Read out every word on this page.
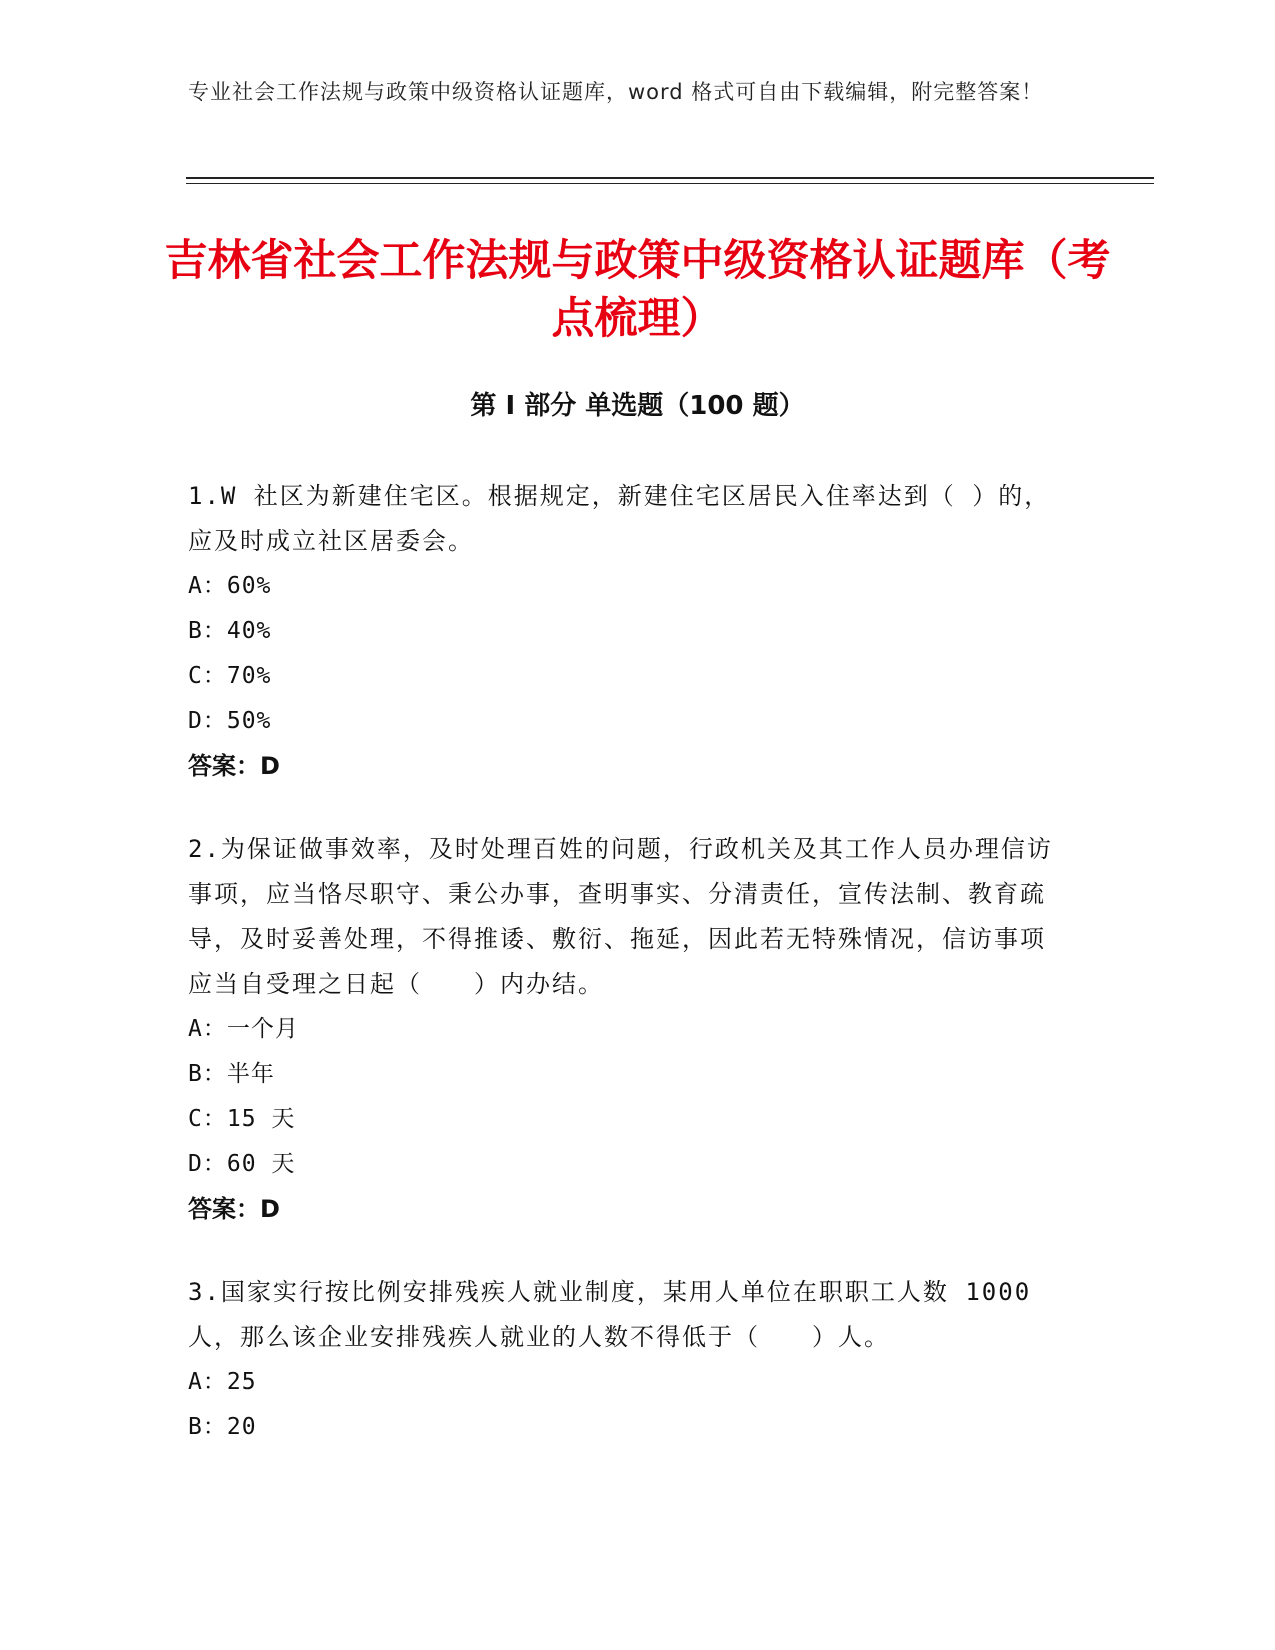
专业社会工作法规与政策中级资格认证题库，word 格式可自由下载编辑，附完整答案！
吉林省社会工作法规与政策中级资格认证题库（考点梳理）
第 I 部分 单选题（100 题）
1.W 社区为新建住宅区。根据规定，新建住宅区居民入住率达到（ ）的，应及时成立社区居委会。
A：60%
B：40%
C：70%
D：50%
答案：D
2.为保证做事效率，及时处理百姓的问题，行政机关及其工作人员办理信访事项，应当恪尽职守、秉公办事，查明事实、分清责任，宣传法制、教育疏导，及时妥善处理，不得推诿、敷衍、拖延，因此若无特殊情况，信访事项应当自受理之日起（　　）内办结。
A：一个月
B：半年
C：15 天
D：60 天
答案：D
3.国家实行按比例安排残疾人就业制度，某用人单位在职职工人数 1000 人，那么该企业安排残疾人就业的人数不得低于（　　）人。
A：25
B：20
